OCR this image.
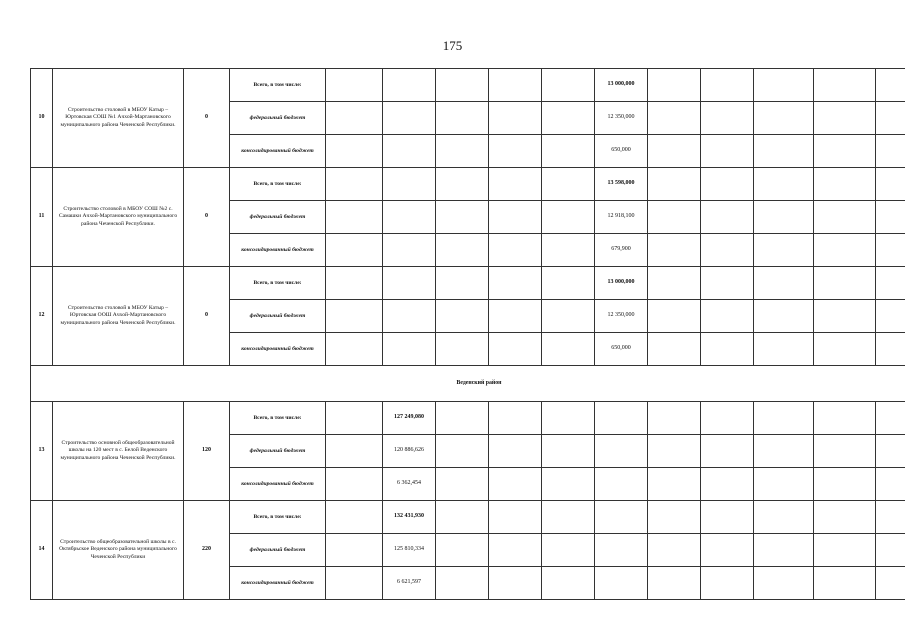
175
10	Строительство столовой в МБОУ Катыр – Юртовская СОШ №1 Ачхой-Мартановского муниципального района Чеченской Республики.	0	Всего, в том числе:						13 000,000					
			федеральный бюджет						12 350,000					
			консолидированный бюджет						650,000					
11	Строительство столовой в МБОУ СОШ №2 с. Самашки Ачхой-Мартановского муниципального района Чеченской Республики.	0	Всего, в том числе:						13 598,000					
			федеральный бюджет						12 918,100					
			консолидированный бюджет						679,900					
12	Строительство столовой в МБОУ Катыр – Юртовская ООШ Ачхой-Мартановского муниципального района Чеченской Республики.	0	Всего, в том числе:						13 000,000					
			федеральный бюджет						12 350,000					
			консолидированный бюджет						650,000					
Веденский район														
13	Строительство основной общеобразовательной школы на 120 мест в с. Белой Веденского муниципального района Чеченской Республики.	120	Всего, в том числе:		127 249,080									
			федеральный бюджет		120 886,626									
			консолидированный бюджет		6 362,454									
14	Строительство общеобразовательной школы в с. Октябрьское Веденского района муниципального Чеченской Республики	220	Всего, в том числе:		132 431,930									
			федеральный бюджет		125 810,334									
			консолидированный бюджет		6 621,597									
